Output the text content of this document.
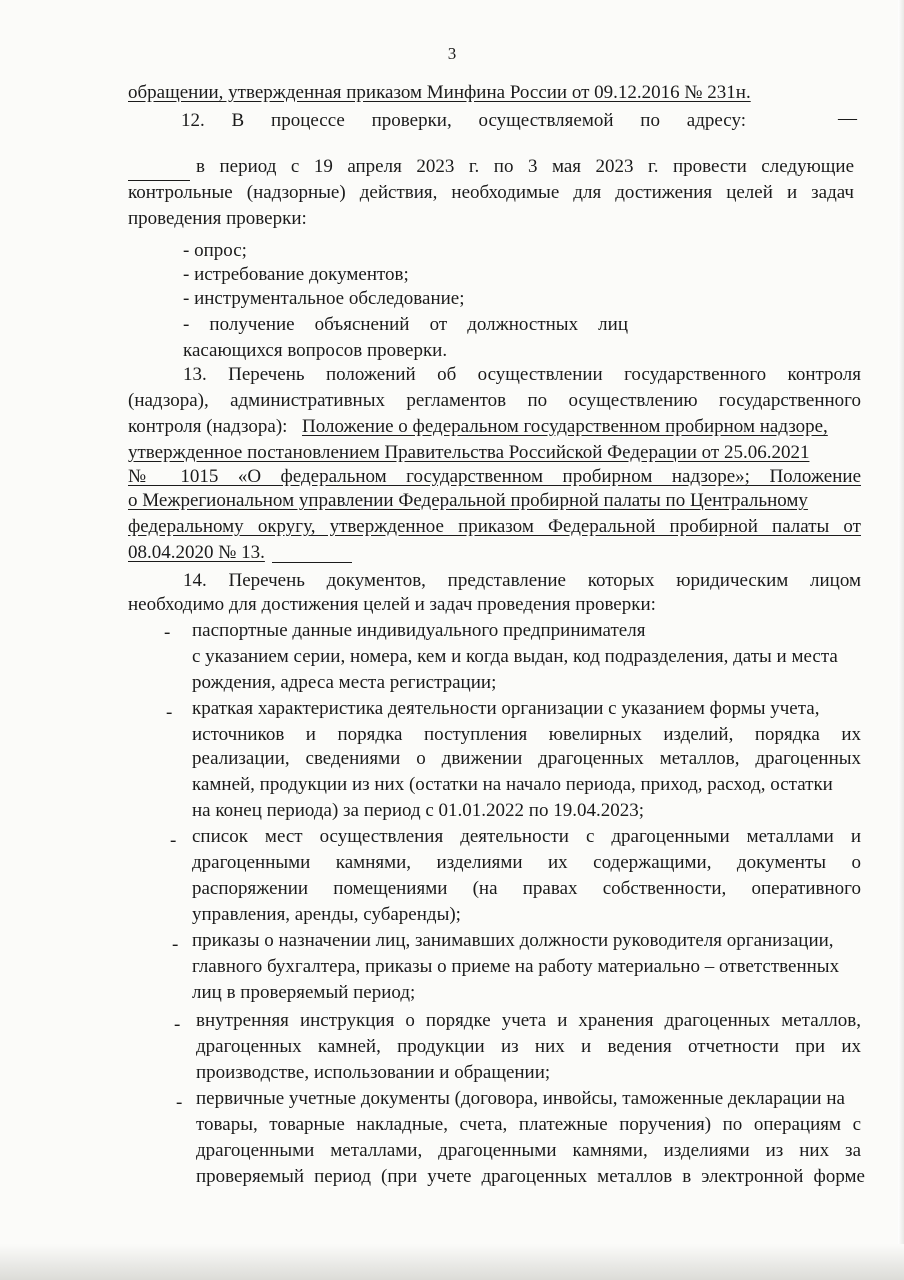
3
обращении, утвержденная приказом Минфина России от 09.12.2016 № 231н.
12. В процессе проверки, осуществляемой по адресу:	—
в период с 19 апреля 2023 г. по 3 мая 2023 г. провести следующие
контрольные (надзорные) действия, необходимые для достижения целей и задач
проведения проверки:
- опрос;
- истребование документов;
- инструментальное обследование;
- получение объяснений от должностных лиц
касающихся вопросов проверки.
13. Перечень положений об осуществлении государственного контроля
(надзора), административных регламентов по осуществлению государственного
контроля (надзора): Положение о федеральном государственном пробирном надзоре,
утвержденное постановлением Правительства Российской Федерации от 25.06.2021
№ 1015 «О федеральном государственном пробирном надзоре»; Положение
о Межрегиональном управлении Федеральной пробирной палаты по Центральному
федеральному округу, утвержденное приказом Федеральной пробирной палаты от
08.04.2020 № 13.
14. Перечень документов, представление которых юридическим лицом
необходимо для достижения целей и задач проведения проверки:
- паспортные данные индивидуального предпринимателя
с указанием серии, номера, кем и когда выдан, код подразделения, даты и места
рождения, адреса места регистрации;
- краткая характеристика деятельности организации с указанием формы учета,
источников и порядка поступления ювелирных изделий, порядка их
реализации, сведениями о движении драгоценных металлов, драгоценных
камней, продукции из них (остатки на начало периода, приход, расход, остатки
на конец периода) за период с 01.01.2022 по 19.04.2023;
- список мест осуществления деятельности с драгоценными металлами и
драгоценными камнями, изделиями их содержащими, документы о
распоряжении помещениями (на правах собственности, оперативного
управления, аренды, субаренды);
- приказы о назначении лиц, занимавших должности руководителя организации,
главного бухгалтера, приказы о приеме на работу материально – ответственных
лиц в проверяемый период;
- внутренняя инструкция о порядке учета и хранения драгоценных металлов,
драгоценных камней, продукции из них и ведения отчетности при их
производстве, использовании и обращении;
- первичные учетные документы (договора, инвойсы, таможенные декларации на
товары, товарные накладные, счета, платежные поручения) по операциям с
драгоценными металлами, драгоценными камнями, изделиями из них за
проверяемый период (при учете драгоценных металлов в электронной форме
